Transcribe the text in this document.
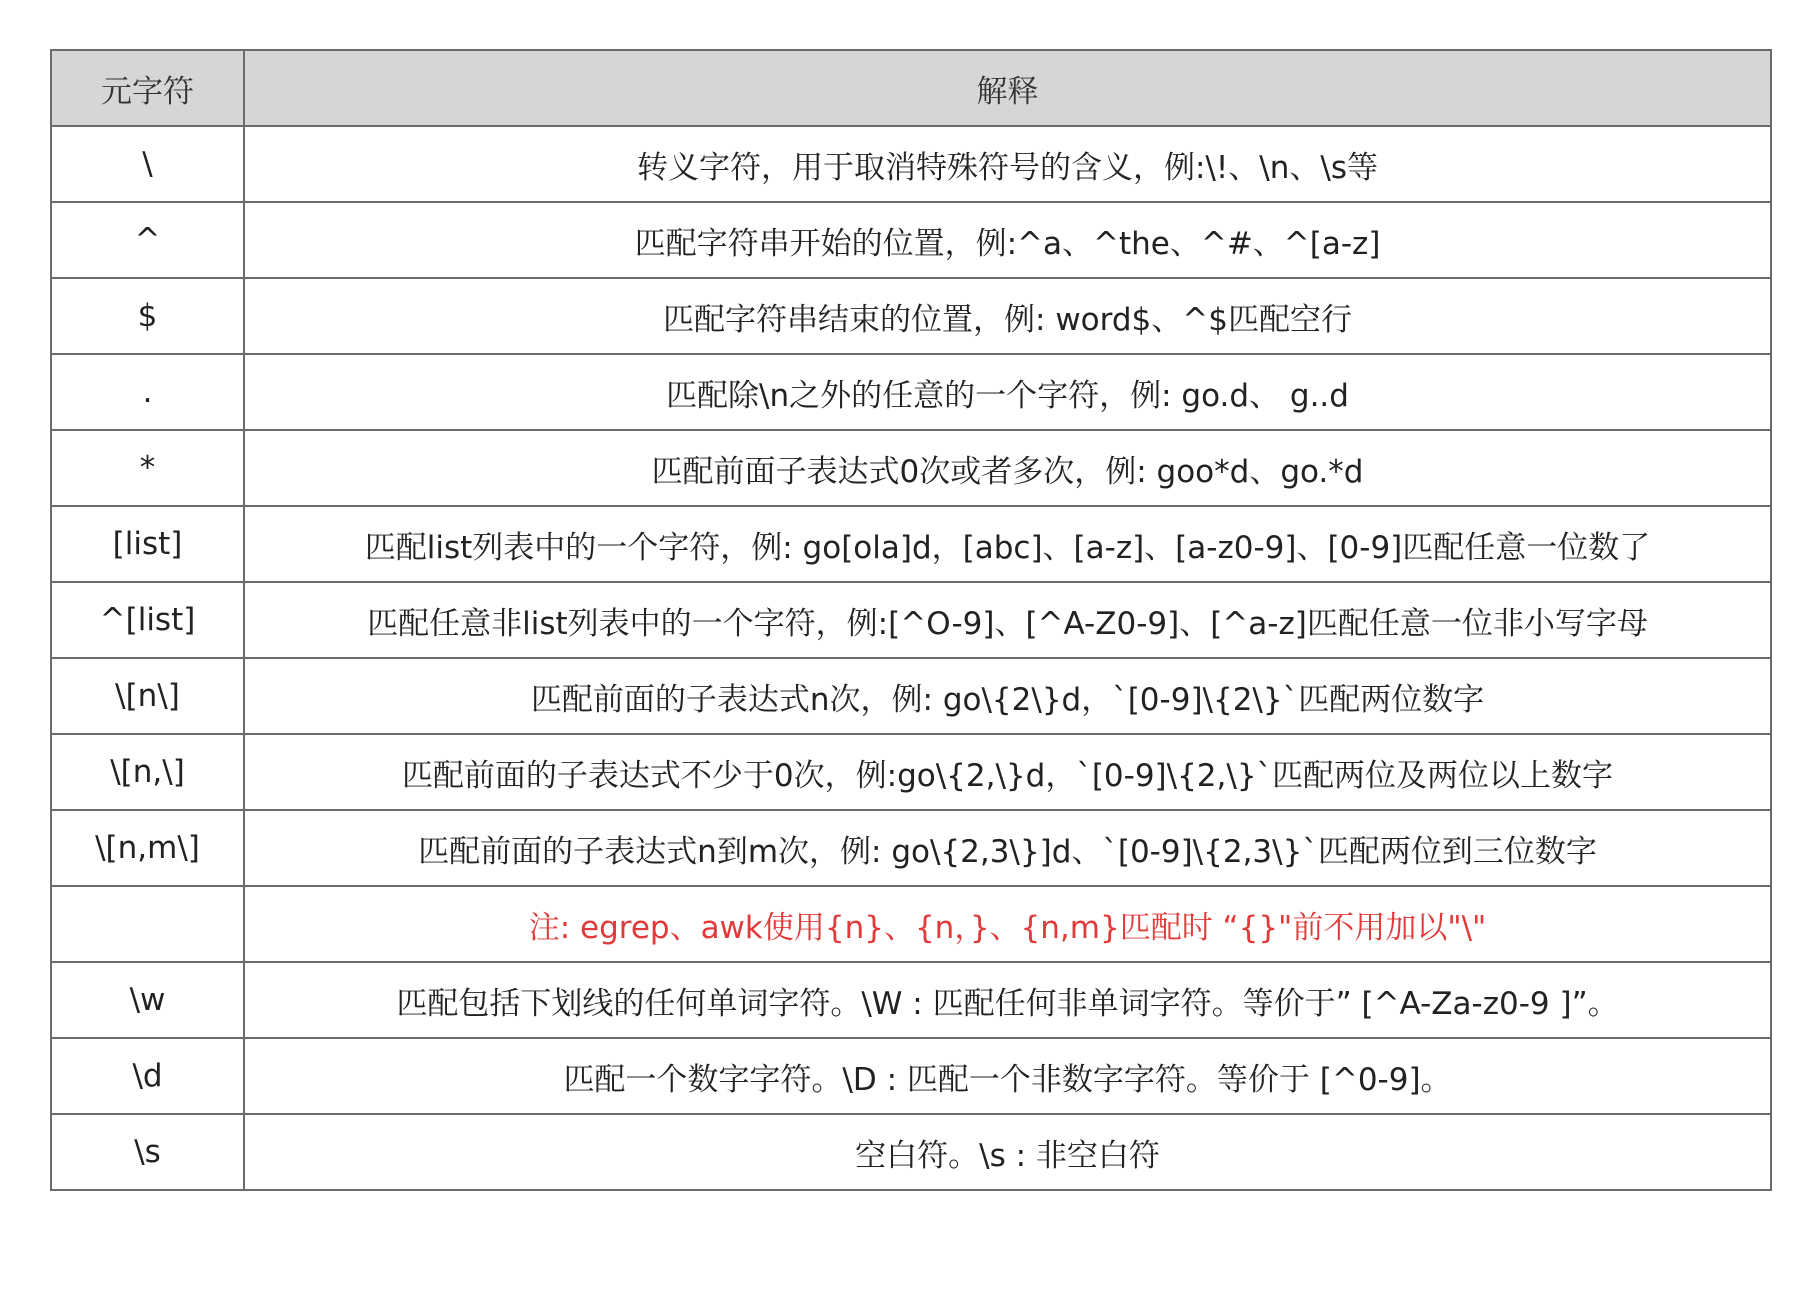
元字符	解释
\	转义字符，用于取消特殊符号的含义，例:\!、\n、\s等
^	匹配字符串开始的位置，例:^a、^the、^#、^[a-z]
$	匹配字符串结束的位置，例: word$、^$匹配空行
.	匹配除\n之外的任意的一个字符，例: go.d、 g..d
*	匹配前面子表达式0次或者多次，例: goo*d、go.*d
[list]	匹配list列表中的一个字符，例: go[ola]d，[abc]、[a-z]、[a-z0-9]、[0-9]匹配任意一位数了
^[list]	匹配任意非list列表中的一个字符，例:[^O-9]、[^A-Z0-9]、[^a-z]匹配任意一位非小写字母
\[n\]	匹配前面的子表达式n次，例: go\{2\}d，`[0-9]\{2\}`匹配两位数字
\[n,\]	匹配前面的子表达式不少于0次，例:go\{2,\}d，`[0-9]\{2,\}`匹配两位及两位以上数字
\[n,m\]	匹配前面的子表达式n到m次，例: go\{2,3\}]d、`[0-9]\{2,3\}`匹配两位到三位数字
	注: egrep、awk使用{n}、{n，}、{n,m}匹配时 “{}"前不用加以"\"
\w	匹配包括下划线的任何单词字符。\W : 匹配任何非单词字符。等价于” [^A-Za-z0-9 ]”。
\d	匹配一个数字字符。\D : 匹配一个非数字字符。等价于 [^0-9]。
\s	空白符。\s : 非空白符
